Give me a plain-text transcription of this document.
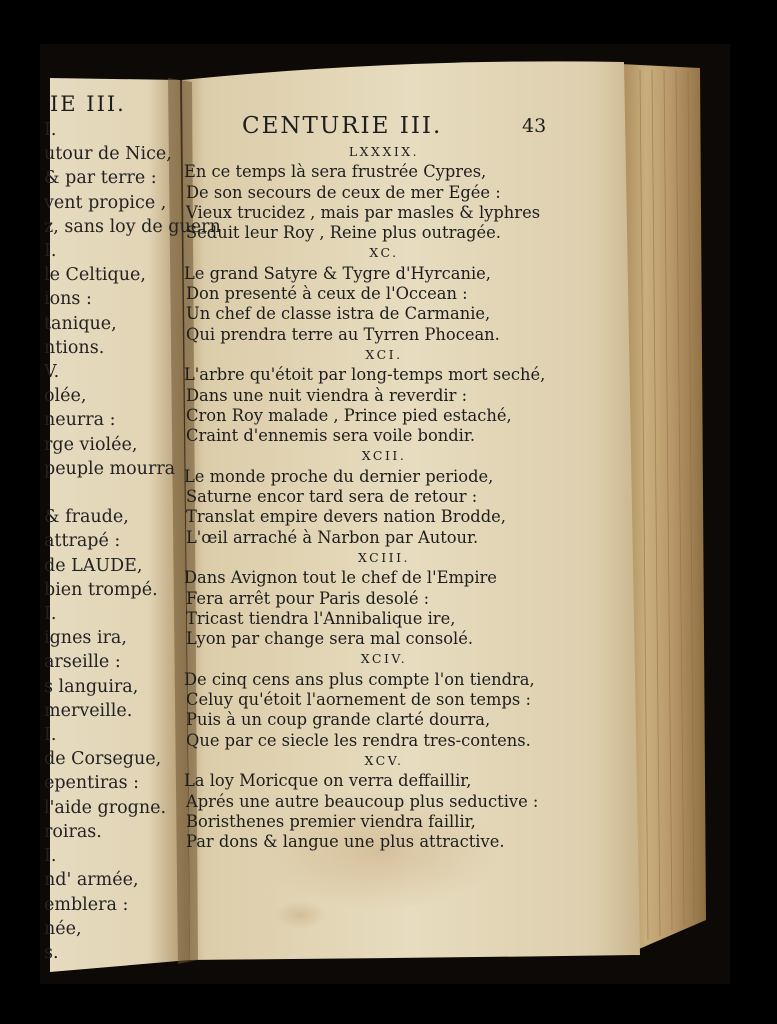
IE III.
I.
utour de Nice,
& par terre :
vent propice ,
z, sans loy de guern
I.
le Celtique,
ions :
tanique,
ntions.
V.
olée,
neurra :
rge violée,
peuple mourra

& fraude,
attrapé :
de LAUDE,
bien trompé.
I.
ignes ira,
arseille :
s languira,
merveille.
I.
de Corsegue,
epentiras :
l'aide grogne.
roiras.
I.
nd' armée,
emblera :
née,
s.
CENTURIE III.	43
LXXXIX.
En ce temps là sera frustrée Cypres,
De son secours de ceux de mer Egée :
Vieux trucidez , mais par masles & lyphres
Seduit leur Roy , Reine plus outragée.
XC.
Le grand Satyre & Tygre d'Hyrcanie,
Don presenté à ceux de l'Occean :
Un chef de classe istra de Carmanie,
Qui prendra terre au Tyrren Phocean.
XCI.
L'arbre qu'étoit par long-temps mort seché,
Dans une nuit viendra à reverdir :
Cron Roy malade , Prince pied estaché,
Craint d'ennemis sera voile bondir.
XCII.
Le monde proche du dernier periode,
Saturne encor tard sera de retour :
Translat empire devers nation Brodde,
L'œil arraché à Narbon par Autour.
XCIII.
Dans Avignon tout le chef de l'Empire
Fera arrêt pour Paris desolé :
Tricast tiendra l'Annibalique ire,
Lyon par change sera mal consolé.
XCIV.
De cinq cens ans plus compte l'on tiendra,
Celuy qu'étoit l'aornement de son temps :
Puis à un coup grande clarté dourra,
Que par ce siecle les rendra tres-contens.
XCV.
La loy Moricque on verra deffaillir,
Aprés une autre beaucoup plus seductive :
Boristhenes premier viendra faillir,
Par dons & langue une plus attractive.
